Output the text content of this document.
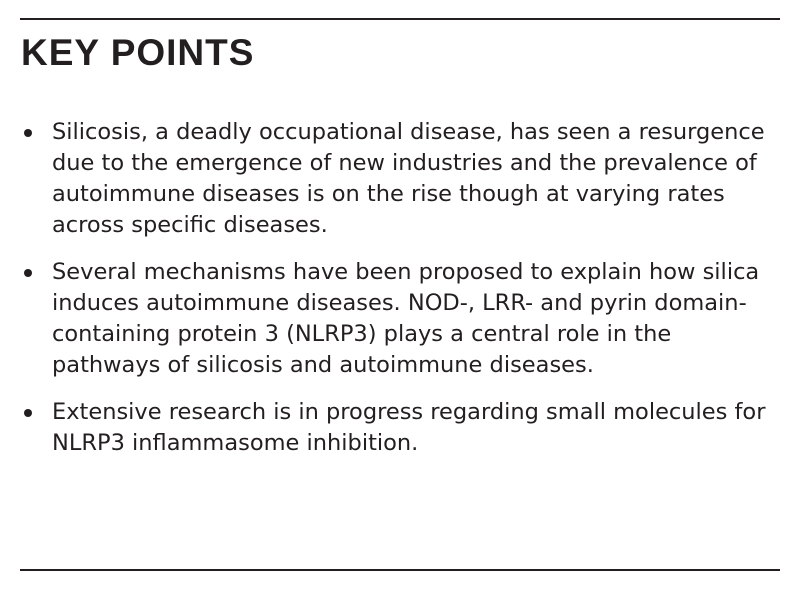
KEY POINTS
Silicosis, a deadly occupational disease, has seen a resurgence due to the emergence of new industries and the prevalence of autoimmune diseases is on the rise though at varying rates across specific diseases.
Several mechanisms have been proposed to explain how silica induces autoimmune diseases. NOD-, LRR- and pyrin domain-containing protein 3 (NLRP3) plays a central role in the pathways of silicosis and autoimmune diseases.
Extensive research is in progress regarding small molecules for NLRP3 inflammasome inhibition.
